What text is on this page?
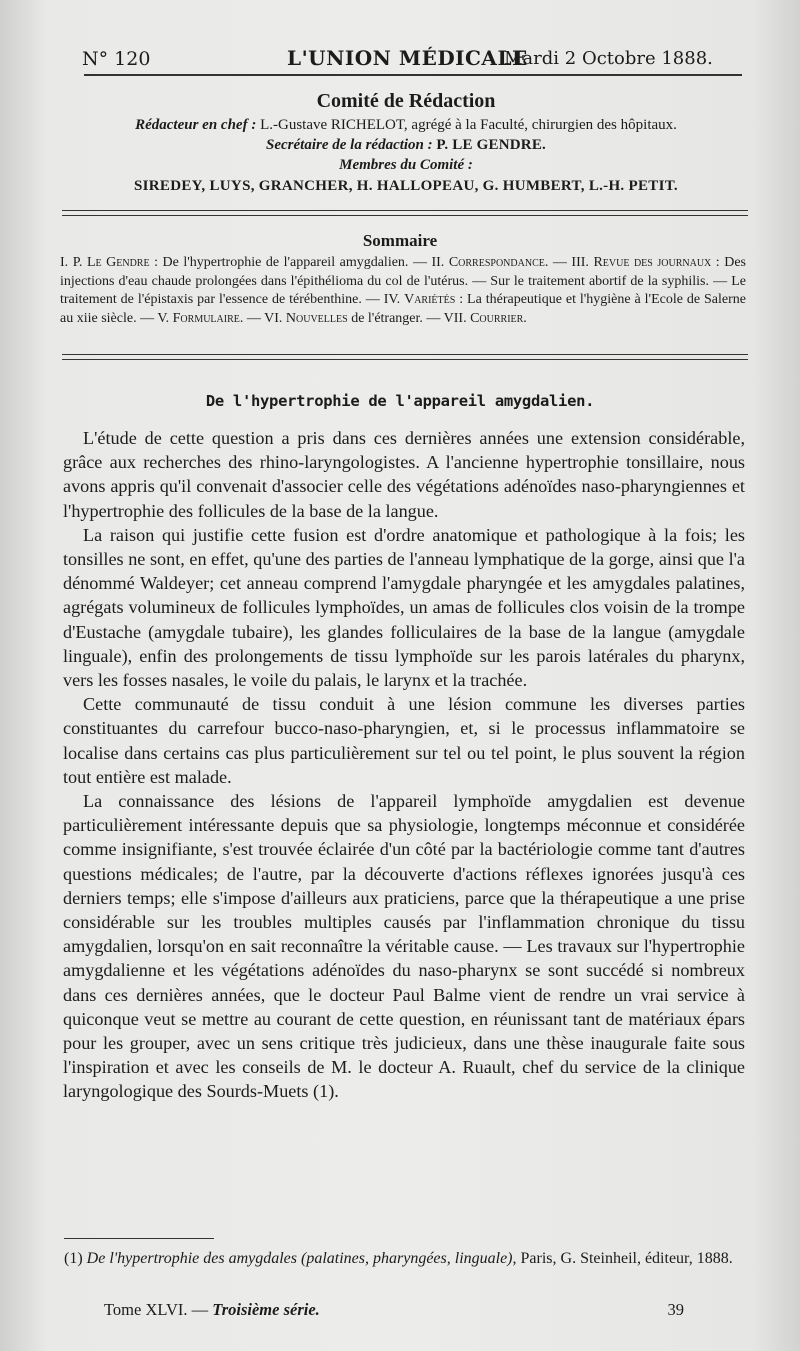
N° 120	L'UNION MÉDICALE
Mardi 2 Octobre 1888.
Comité de Rédaction
Rédacteur en chef : L.-Gustave RICHELOT, agrégé à la Faculté, chirurgien des hôpitaux.
Secrétaire de la rédaction : P. LE GENDRE.
Membres du Comité :
SIREDEY, LUYS, GRANCHER, H. HALLOPEAU, G. HUMBERT, L.-H. PETIT.
Sommaire
I. P. Le Gendre : De l'hypertrophie de l'appareil amygdalien. — II. Correspondance. — III. Revue des journaux : Des injections d'eau chaude prolongées dans l'épithélioma du col de l'utérus. — Sur le traitement abortif de la syphilis. — Le traitement de l'épistaxis par l'essence de térébenthine. — IV. Variétés : La thérapeutique et l'hygiène à l'Ecole de Salerne au xiie siècle. — V. Formulaire. — VI. Nouvelles de l'étranger. — VII. Courrier.
De l'hypertrophie de l'appareil amygdalien.

L'étude de cette question a pris dans ces dernières années une extension considérable, grâce aux recherches des rhino-laryngologistes. A l'ancienne hypertrophie tonsillaire, nous avons appris qu'il convenait d'associer celle des végétations adénoïdes naso-pharyngiennes et l'hypertrophie des follicules de la base de la langue.

La raison qui justifie cette fusion est d'ordre anatomique et pathologique à la fois; les tonsilles ne sont, en effet, qu'une des parties de l'anneau lymphatique de la gorge, ainsi que l'a dénommé Waldeyer; cet anneau comprend l'amygdale pharyngée et les amygdales palatines, agrégats volumineux de follicules lymphoïdes, un amas de follicules clos voisin de la trompe d'Eustache (amygdale tubaire), les glandes folliculaires de la base de la langue (amygdale linguale), enfin des prolongements de tissu lymphoïde sur les parois latérales du pharynx, vers les fosses nasales, le voile du palais, le larynx et la trachée.

Cette communauté de tissu conduit à une lésion commune les diverses parties constituantes du carrefour bucco-naso-pharyngien, et, si le processus inflammatoire se localise dans certains cas plus particulièrement sur tel ou tel point, le plus souvent la région tout entière est malade.

La connaissance des lésions de l'appareil lymphoïde amygdalien est devenue particulièrement intéressante depuis que sa physiologie, longtemps méconnue et considérée comme insignifiante, s'est trouvée éclairée d'un côté par la bactériologie comme tant d'autres questions médicales; de l'autre, par la découverte d'actions réflexes ignorées jusqu'à ces derniers temps; elle s'impose d'ailleurs aux praticiens, parce que la thérapeutique a une prise considérable sur les troubles multiples causés par l'inflammation chronique du tissu amygdalien, lorsqu'on en sait reconnaître la véritable cause. — Les travaux sur l'hypertrophie amygdalienne et les végétations adénoïdes du naso-pharynx se sont succédé si nombreux dans ces dernières années, que le docteur Paul Balme vient de rendre un vrai service à quiconque veut se mettre au courant de cette question, en réunissant tant de matériaux épars pour les grouper, avec un sens critique très judicieux, dans une thèse inaugurale faite sous l'inspiration et avec les conseils de M. le docteur A. Ruault, chef du service de la clinique laryngologique des Sourds-Muets (1).

(1) De l'hypertrophie des amygdales (palatines, pharyngées, linguale), Paris, G. Steinheil, éditeur, 1888.
Tome XLVI. — Troisième série.	39
